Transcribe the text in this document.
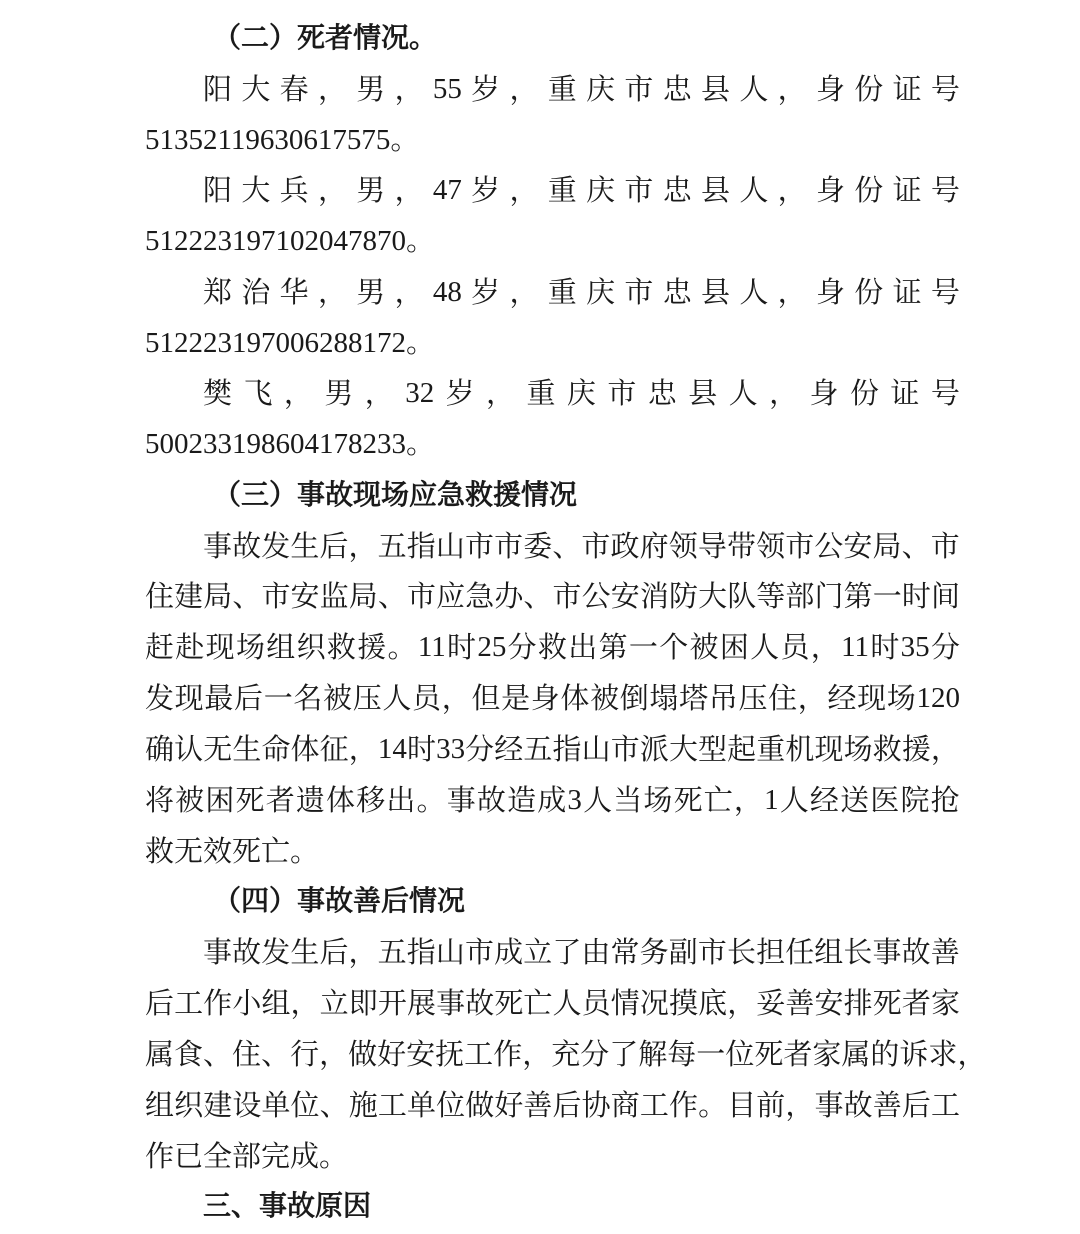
（二）死者情况。
阳 大 春 ， 男 ， 55 岁 ， 重 庆 市 忠 县 人 ， 身 份 证 号
51352119630617575。
阳 大 兵 ， 男 ， 47 岁 ， 重 庆 市 忠 县 人 ， 身 份 证 号
512223197102047870。
郑 治 华 ， 男 ， 48 岁 ， 重 庆 市 忠 县 人 ， 身 份 证 号
512223197006288172。
樊 飞 ， 男 ， 32 岁 ， 重 庆 市 忠 县 人 ， 身 份 证 号
500233198604178233。
（三）事故现场应急救援情况
事 故 发 生 后 ， 五 指 山 市 市 委 、 市 政 府 领 导 带 领 市 公 安 局 、 市
住 建 局 、 市 安 监 局 、 市 应 急 办 、 市 公 安 消 防 大 队 等 部 门 第 一 时 间
赶 赴 现 场 组 织 救 援 。 11 时 25 分 救 出 第 一 个 被 困 人 员 ， 11 时 35 分
发 现 最 后 一 名 被 压 人 员 ， 但 是 身 体 被 倒 塌 塔 吊 压 住 ， 经 现 场 120
确 认 无 生 命 体 征 ， 14 时 33 分 经 五 指 山 市 派 大 型 起 重 机 现 场 救 援 ，
将 被 困 死 者 遗 体 移 出 。 事 故 造 成 3 人 当 场 死 亡 ， 1 人 经 送 医 院 抢
救无效死亡。
（四）事故善后情况
事 故 发 生 后 ， 五 指 山 市 成 立 了 由 常 务 副 市 长 担 任 组 长 事 故 善
后 工 作 小 组 ， 立 即 开 展 事 故 死 亡 人 员 情 况 摸 底 ， 妥 善 安 排 死 者 家
属 食 、 住 、 行 ， 做 好 安 抚 工 作 ， 充 分 了 解 每 一 位 死 者 家 属 的 诉 求 ，
组 织 建 设 单 位 、 施 工 单 位 做 好 善 后 协 商 工 作 。 目 前 ， 事 故 善 后 工
作已全部完成。
三、事故原因
